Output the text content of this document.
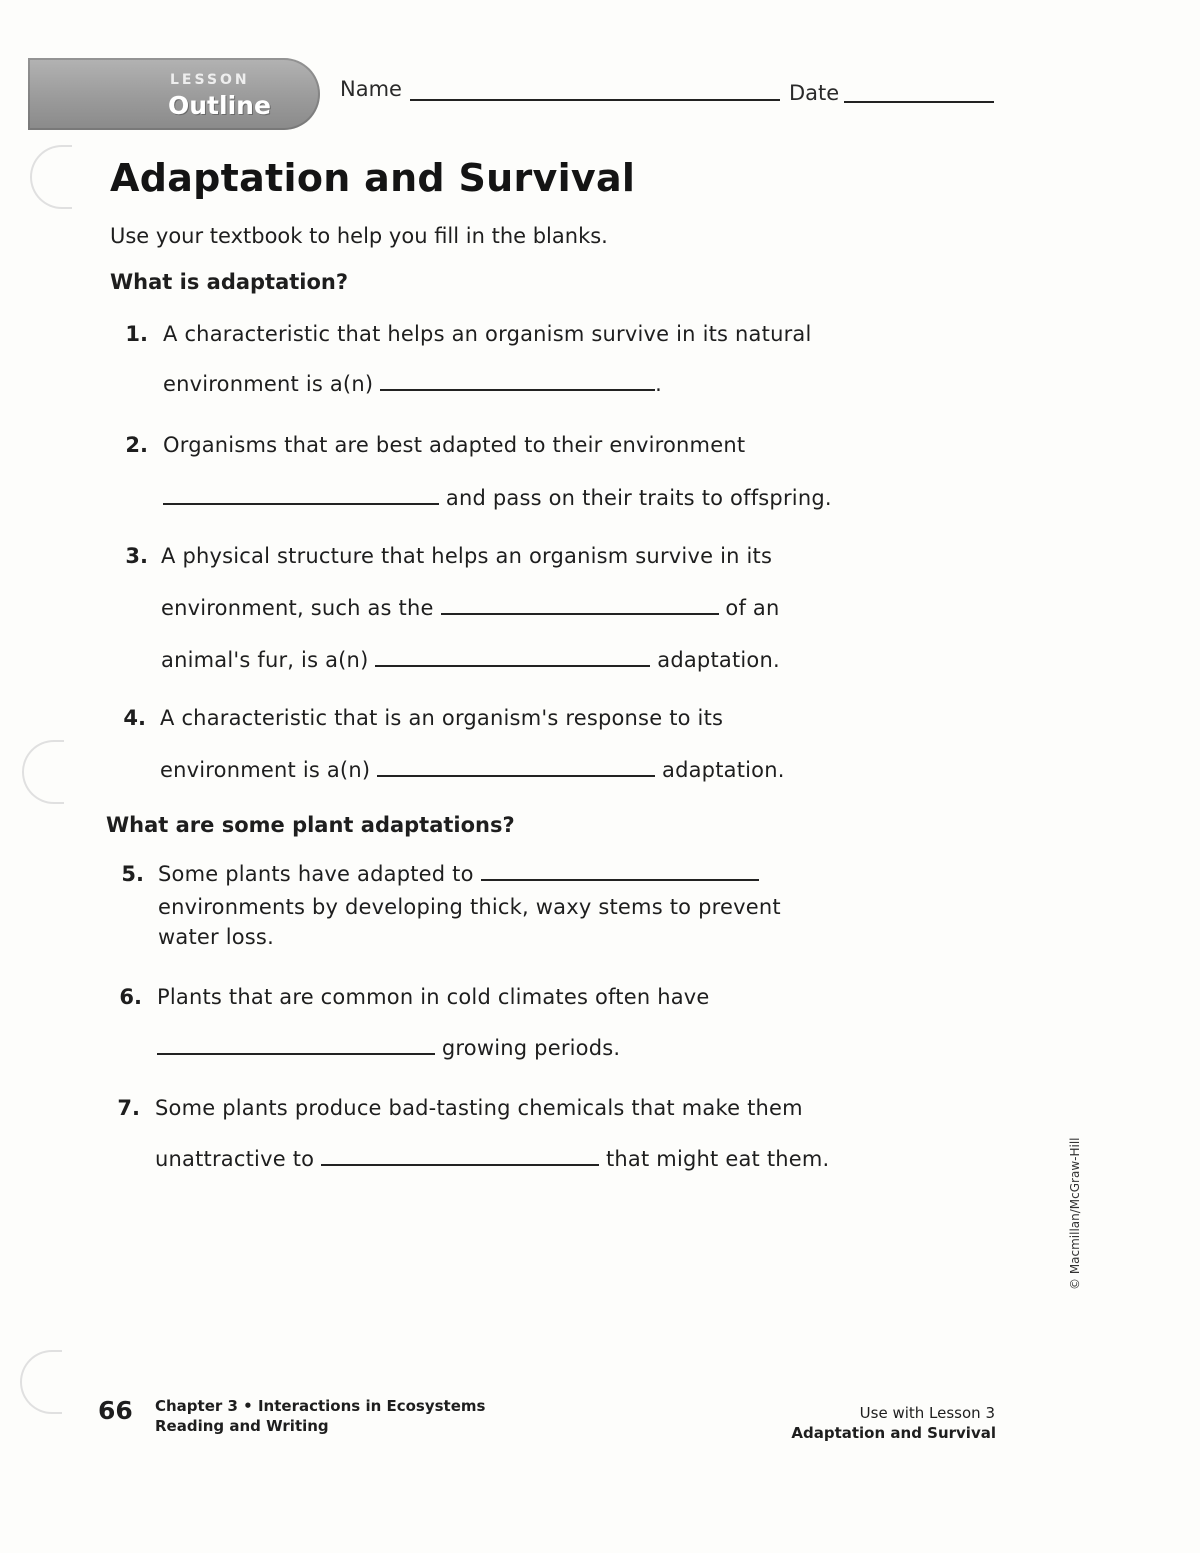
LESSON
Outline
Name	Date
Adaptation and Survival
Use your textbook to help you fill in the blanks.
What is adaptation?
1. A characteristic that helps an organism survive in its natural
environment is a(n)	.
2. Organisms that are best adapted to their environment
and pass on their traits to offspring.
3. A physical structure that helps an organism survive in its
environment, such as the	of an
animal's fur, is a(n)	adaptation.
4. A characteristic that is an organism's response to its
environment is a(n)	adaptation.
What are some plant adaptations?
5. Some plants have adapted to
environments by developing thick, waxy stems to prevent
water loss.
6. Plants that are common in cold climates often have
growing periods.
7. Some plants produce bad-tasting chemicals that make them
unattractive to	that might eat them.	© Macmillan/McGraw-Hill
66 Chapter 3 • Interactions in Ecosystems
Reading and Writing
Use with Lesson 3
Adaptation and Survival
